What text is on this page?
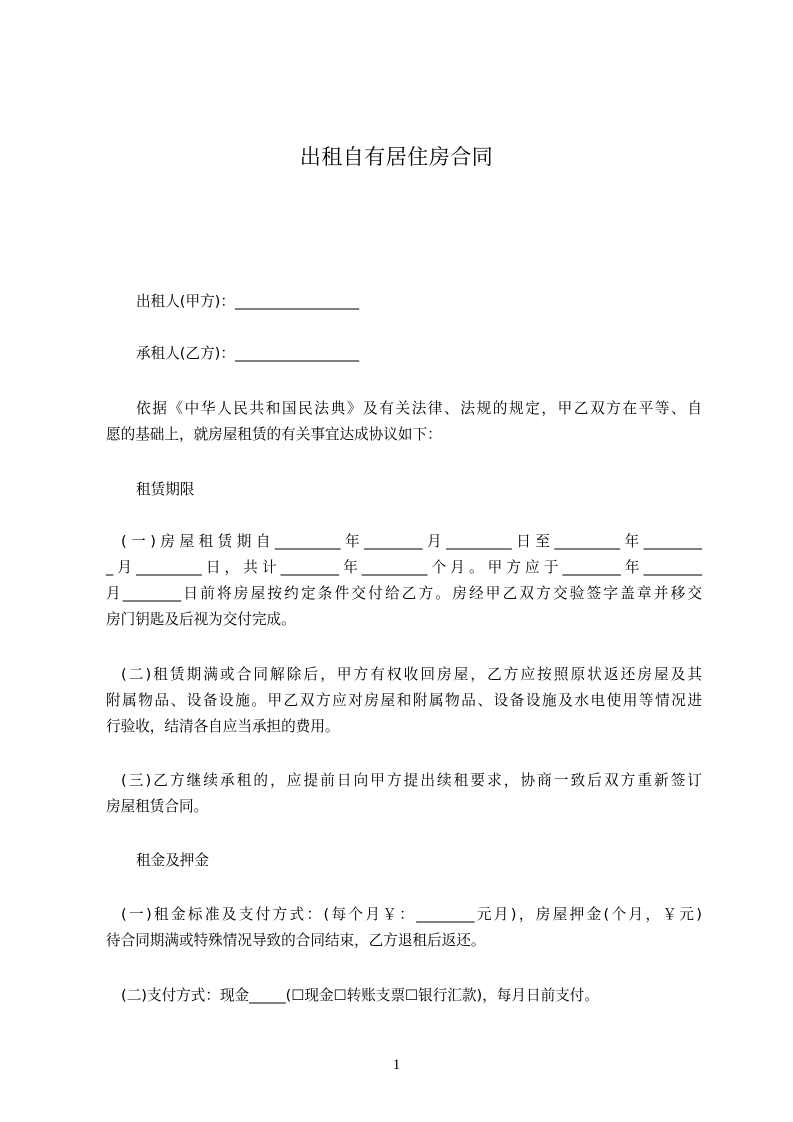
出租自有居住房合同
出租人(甲方)：_________________
承租人(乙方)：_________________
依据《中华人民共和国民法典》及有关法律、法规的规定，甲乙双方在平等、自
愿的基础上，就房屋租赁的有关事宜达成协议如下：
租赁期限
(一)房屋租赁期自_________年________月_________日至_________年________
_月_________日，共计________年_________个月。甲方应于________年________
月________日前将房屋按约定条件交付给乙方。房经甲乙双方交验签字盖章并移交
房门钥匙及后视为交付完成。
(二)租赁期满或合同解除后，甲方有权收回房屋，乙方应按照原状返还房屋及其
附属物品、设备设施。甲乙双方应对房屋和附属物品、设备设施及水电使用等情况进
行验收，结清各自应当承担的费用。
(三)乙方继续承租的，应提前日向甲方提出续租要求，协商一致后双方重新签订
房屋租赁合同。
租金及押金
(一)租金标准及支付方式：(每个月￥：________元月)，房屋押金(个月，￥元)
待合同期满或特殊情况导致的合同结束，乙方退租后返还。
(二)支付方式：现金_____(☐现金☐转账支票☐银行汇款)，每月日前支付。
1
